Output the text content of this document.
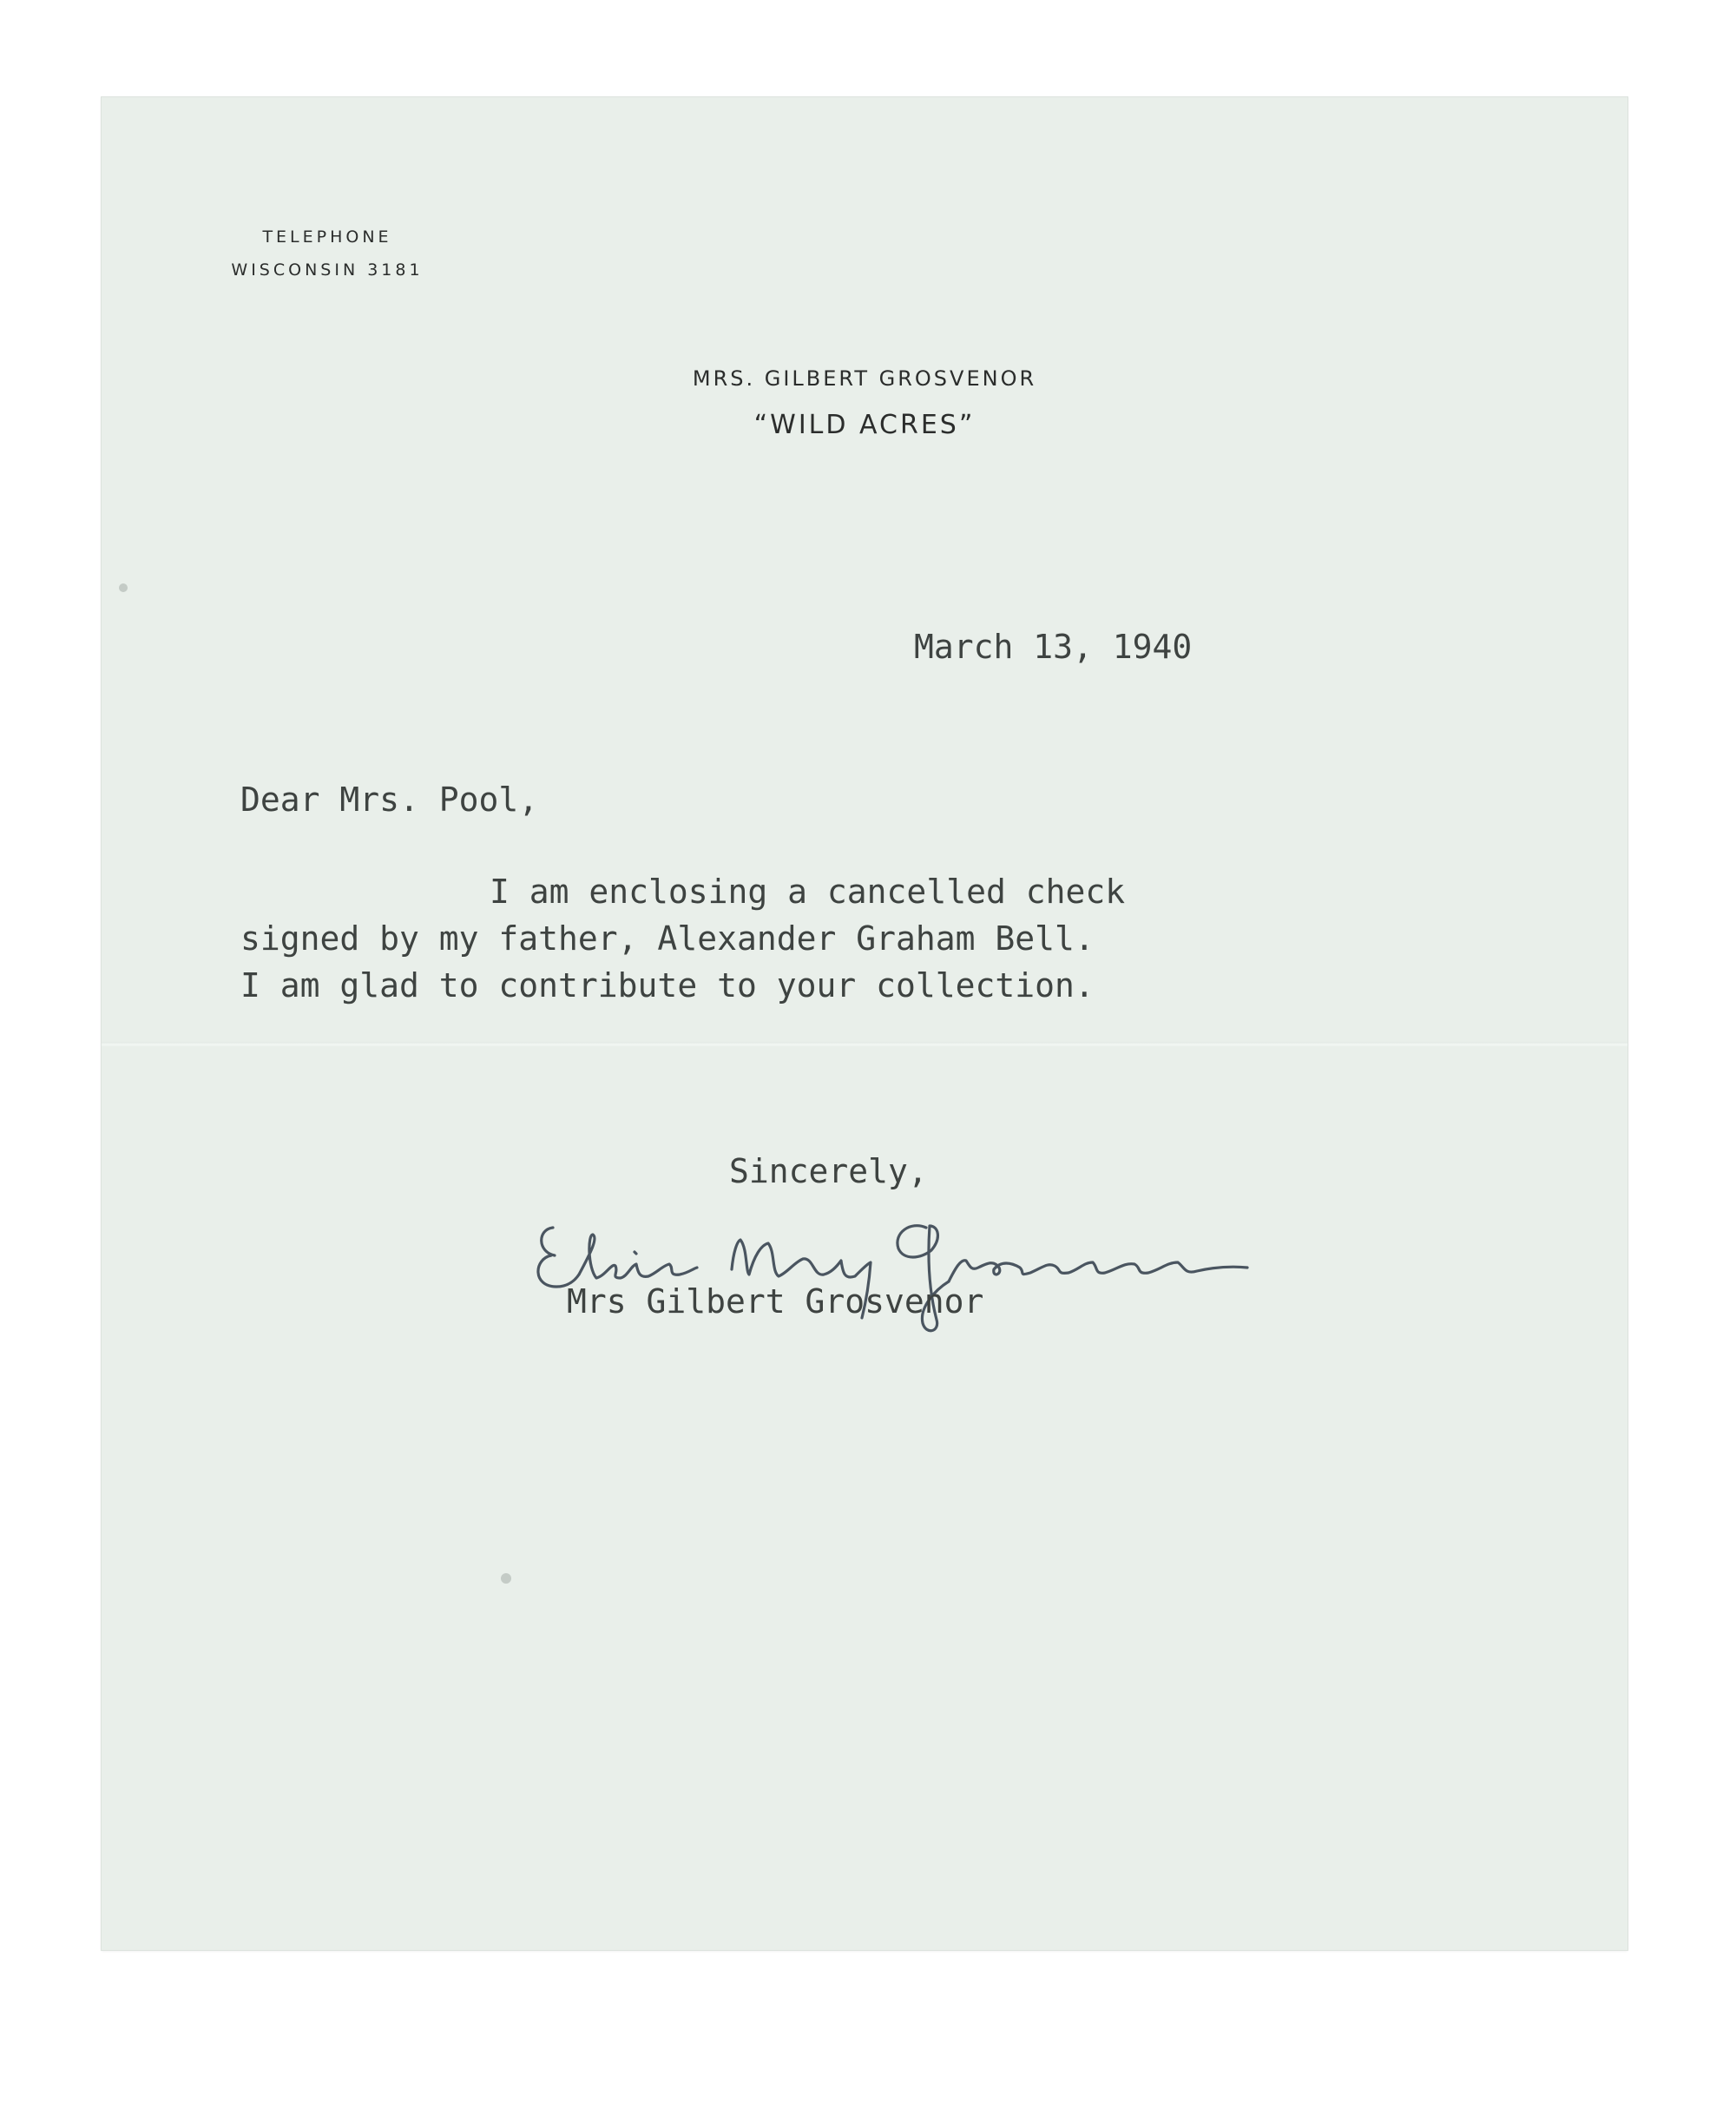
TELEPHONE
WISCONSIN 3181
MRS. GILBERT GROSVENOR
“WILD ACRES”
March 13, 1940
Dear Mrs. Pool,
I am enclosing a cancelled check
signed by my father, Alexander Graham Bell.
I am glad to contribute to your collection.
Sincerely,
Mrs Gilbert Grosvenor
